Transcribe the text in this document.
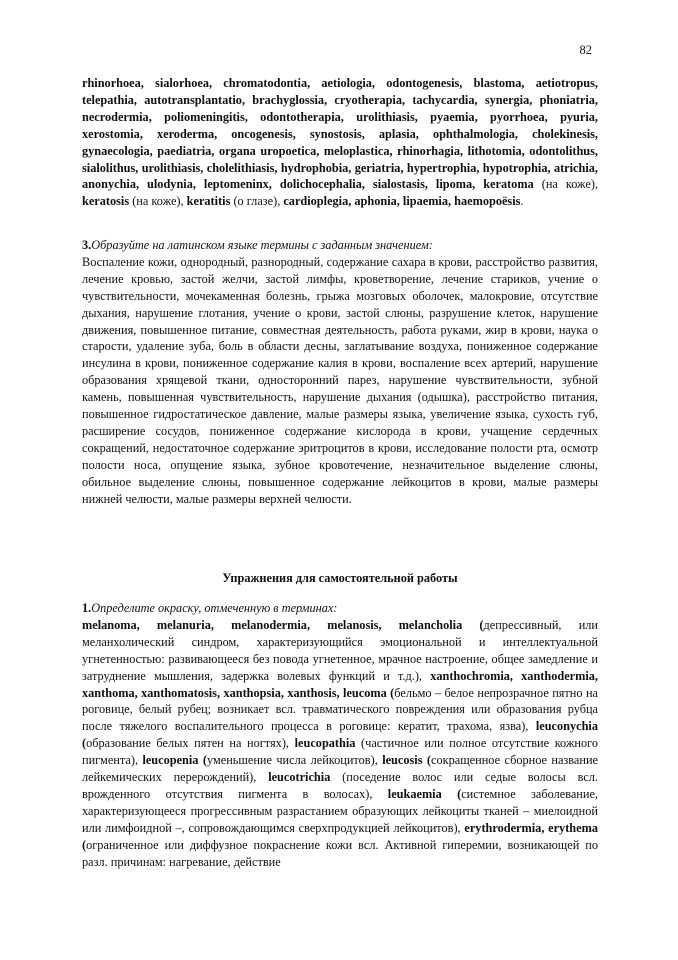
82

rhinorhoea, sialorhoea, chromatodontia, aetiologia, odontogenesis, blastoma, aetiotropus, telepathia, autotransplantatio, brachyglossia, cryotherapia, tachycardia, synergia, phoniatria, necrodermia, poliomeningitis, odontotherapia, urolithiasis, pyaemia, pyorrhoea, pyuria, xerostomia, xeroderma, oncogenesis, synostosis, aplasia, ophthalmologia, cholekinesis, gynaecologia, paediatria, organa uropoetica, meloplastica, rhinorhagia, lithotomia, odontolithus, sialolithus, urolithiasis, cholelithiasis, hydrophobia, geriatria, hypertrophia, hypotrophia, atrichia, anonychia, ulodynia, leptomeninx, dolichocephalia, sialostasis, lipoma, keratoma (на коже), keratosis (на коже), keratitis (о глазе), cardioplegia, aphonia, lipaemia, haemopoёsis.

3.Образуйте на латинском языке термины с заданным значением:

Воспаление кожи, однородный, разнородный, содержание сахара в крови, расстройство развития, лечение кровью, застой желчи, застой лимфы, кроветворение, лечение стариков, учение о чувствительности, мочекаменная болезнь, грыжа мозговых оболочек, малокровие, отсутствие дыхания, нарушение глотания, учение о крови, застой слюны, разрушение клеток, нарушение движения, повышенное питание, совместная деятельность, работа руками, жир в крови, наука о старости, удаление зуба, боль в области десны, заглатывание воздуха, пониженное содержание инсулина в крови, пониженное содержание калия в крови, воспаление всех артерий, нарушение образования хрящевой ткани, односторонний парез, нарушение чувствительности, зубной камень, повышенная чувствительность, нарушение дыхания (одышка), расстройство питания, повышенное гидростатическое давление, малые размеры языка, увеличение языка, сухость губ, расширение сосудов, пониженное содержание кислорода в крови, учащение сердечных сокращений, недостаточное содержание эритроцитов в крови, исследование полости рта, осмотр полости носа, опущение языка, зубное кровотечение, незначительное выделение слюны, обильное выделение слюны, повышенное содержание лейкоцитов в крови, малые размеры нижней челюсти, малые размеры верхней челюсти.

Упражнения для самостоятельной работы

1.Определите окраску, отмеченную в терминах:

melanoma, melanuria, melanodermia, melanosis, melancholia (депрессивный, или меланхолический синдром, характеризующийся эмоциональной и интеллектуальной угнетенностью: развивающееся без повода угнетенное, мрачное настроение, общее замедление и затруднение мышления, задержка волевых функций и т.д.), xanthochromia, xanthodermia, xanthoma, xanthomatosis, xanthopsia, xanthosis, leucoma (бельмо – белое непрозрачное пятно на роговице, белый рубец; возникает всл. травматического повреждения или образования рубца после тяжелого воспалительного процесса в роговице: кератит, трахома, язва), leuconychia (образование белых пятен на ногтях), leucopathia (частичное или полное отсутствие кожного пигмента), leucopenia (уменьшение числа лейкоцитов), leucosis (сокращенное сборное название лейкемических перерождений), leucotrichia (поседение волос или седые волосы всл. врожденного отсутствия пигмента в волосах), leukaemia (системное заболевание, характеризующееся прогрессивным разрастанием образующих лейкоциты тканей – миелоидной или лимфоидной –, сопровождающимся сверхпродукцией лейкоцитов), erythrodermia, erythema (ограниченное или диффузное покраснение кожи всл. Активной гиперемии, возникающей по разл. причинам: нагревание, действие
